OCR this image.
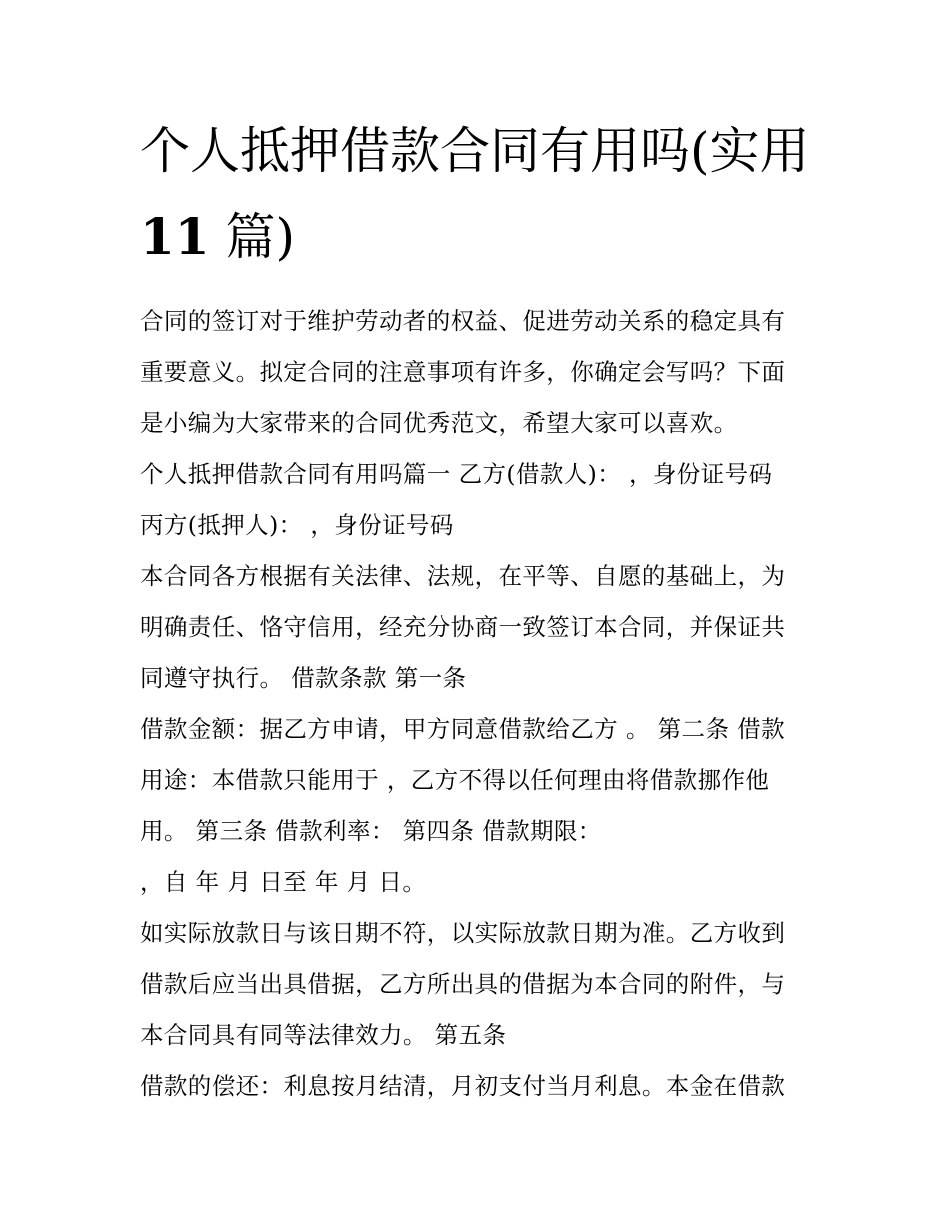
个人抵押借款合同有用吗(实用
11 篇)

合同的签订对于维护劳动者的权益、促进劳动关系的稳定具有
重要意义。拟定合同的注意事项有许多，你确定会写吗？下面
是小编为大家带来的合同优秀范文，希望大家可以喜欢。

个人抵押借款合同有用吗篇一 乙方(借款人)： ，身份证号码
丙方(抵押人)： ，身份证号码

本合同各方根据有关法律、法规，在平等、自愿的基础上，为
明确责任、恪守信用，经充分协商一致签订本合同，并保证共
同遵守执行。 借款条款 第一条

借款金额：据乙方申请，甲方同意借款给乙方 。 第二条 借款
用途：本借款只能用于 ，乙方不得以任何理由将借款挪作他
用。 第三条 借款利率： 第四条 借款期限：

，自 年 月 日至 年 月 日。

如实际放款日与该日期不符，以实际放款日期为准。乙方收到
借款后应当出具借据，乙方所出具的借据为本合同的附件，与
本合同具有同等法律效力。 第五条

借款的偿还：利息按月结清，月初支付当月利息。本金在借款
